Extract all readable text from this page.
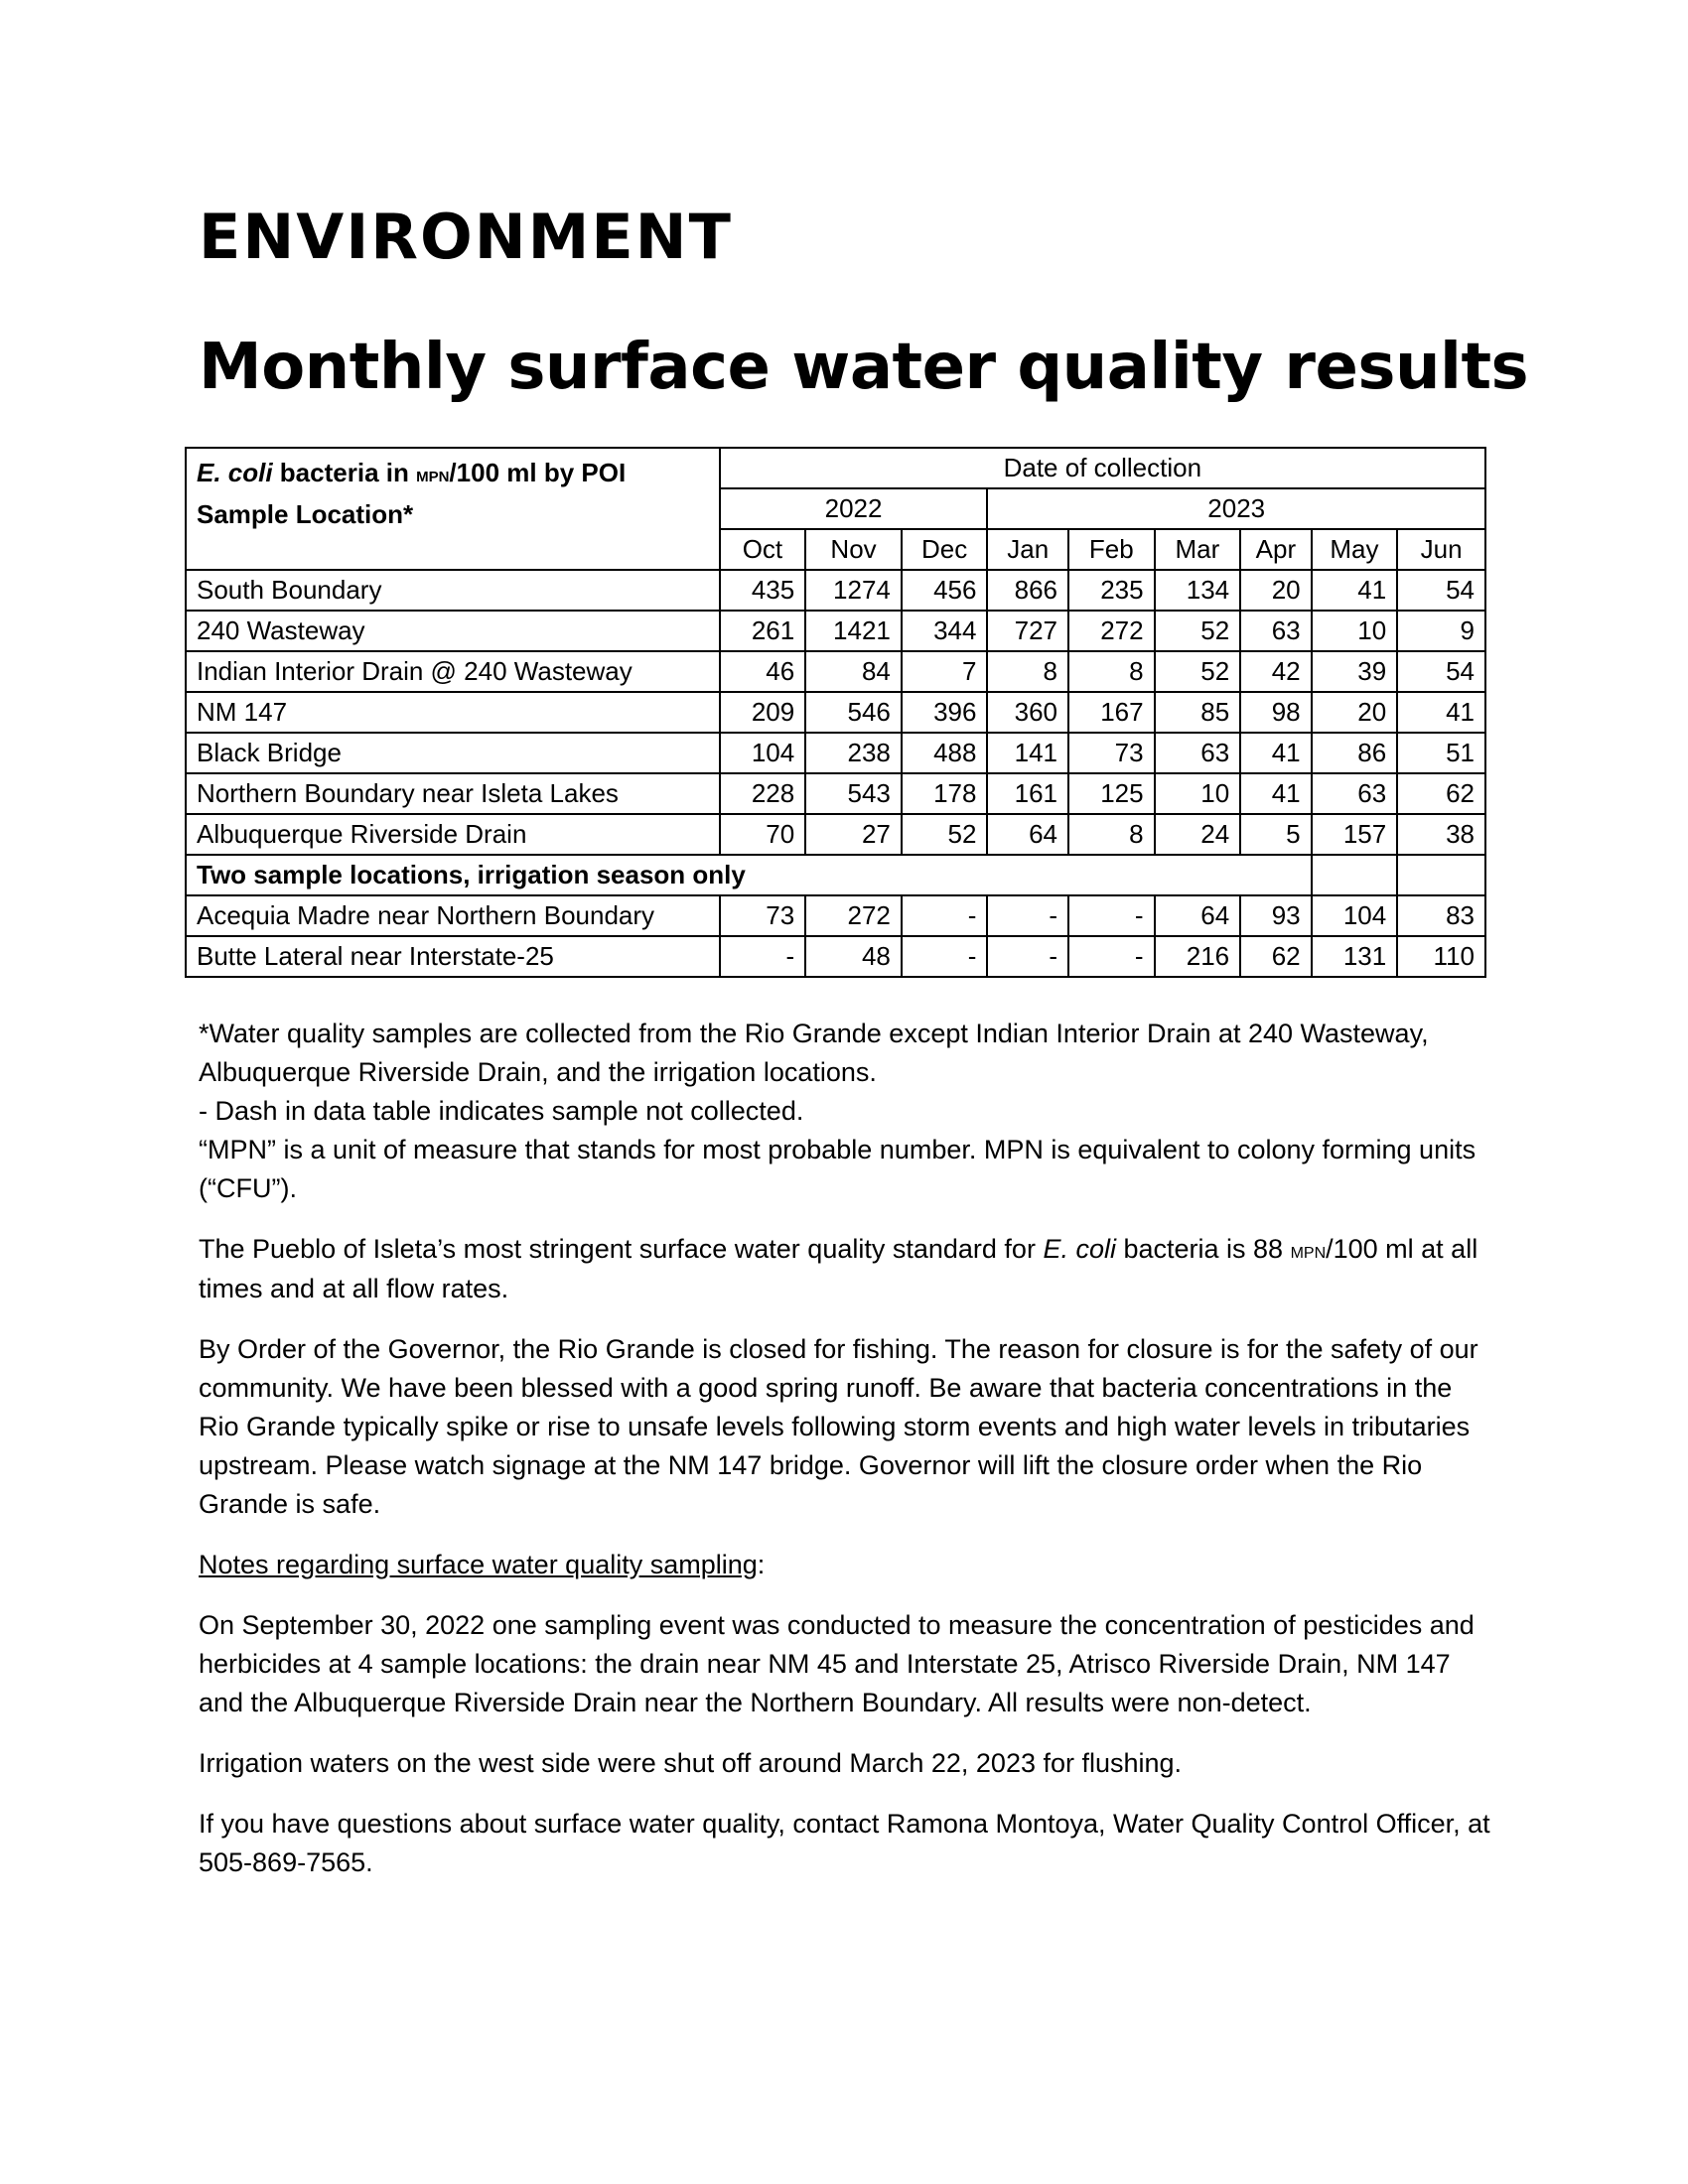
ENVIRONMENT
Monthly surface water quality results
E. coli bacteria in mpn/100 ml by POI Sample Location*	Date of collection								
	2022			2023					
	Oct	Nov	Dec	Jan	Feb	Mar	Apr	May	Jun
South Boundary	435	1274	456	866	235	134	20	41	54
240 Wasteway	261	1421	344	727	272	52	63	10	9
Indian Interior Drain @ 240 Wasteway	46	84	7	8	8	52	42	39	54
NM 147	209	546	396	360	167	85	98	20	41
Black Bridge	104	238	488	141	73	63	41	86	51
Northern Boundary near Isleta Lakes	228	543	178	161	125	10	41	63	62
Albuquerque Riverside Drain	70	27	52	64	8	24	5	157	38
Two sample locations, irrigation season only									
Acequia Madre near Northern Boundary	73	272	-	-	-	64	93	104	83
Butte Lateral near Interstate-25	-	48	-	-	-	216	62	131	110

*Water quality samples are collected from the Rio Grande except Indian Interior Drain at 240 Wasteway, Albuquerque Riverside Drain, and the irrigation locations.

- Dash in data table indicates sample not collected.

“MPN” is a unit of measure that stands for most probable number. MPN is equivalent to colony forming units (“CFU”).

The Pueblo of Isleta’s most stringent surface water quality standard for E. coli bacteria is 88 mpn/100 ml at all times and at all flow rates.

By Order of the Governor, the Rio Grande is closed for fishing. The reason for closure is for the safety of our community. We have been blessed with a good spring runoff. Be aware that bacteria concentrations in the Rio Grande typically spike or rise to unsafe levels following storm events and high water levels in tributaries upstream. Please watch signage at the NM 147 bridge. Governor will lift the closure order when the Rio Grande is safe.

Notes regarding surface water quality sampling:

On September 30, 2022 one sampling event was conducted to measure the concentration of pesticides and herbicides at 4 sample locations: the drain near NM 45 and Interstate 25, Atrisco Riverside Drain, NM 147 and the Albuquerque Riverside Drain near the Northern Boundary. All results were non-detect.

Irrigation waters on the west side were shut off around March 22, 2023 for flushing.

If you have questions about surface water quality, contact Ramona Montoya, Water Quality Control Officer, at 505-869-7565.
